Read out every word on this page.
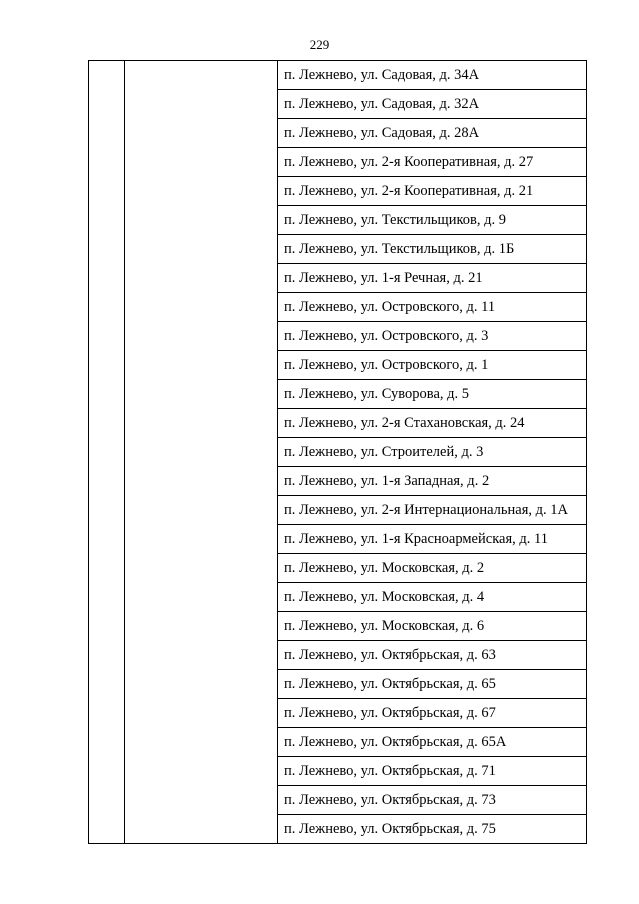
229
		п. Лежнево, ул. Садовая, д. 34А
п. Лежнево, ул. Садовая, д. 32А
п. Лежнево, ул. Садовая, д. 28А
п. Лежнево, ул. 2-я Кооперативная, д. 27
п. Лежнево, ул. 2-я Кооперативная, д. 21
п. Лежнево, ул. Текстильщиков, д. 9
п. Лежнево, ул. Текстильщиков, д. 1Б
п. Лежнево, ул. 1-я Речная, д. 21
п. Лежнево, ул. Островского, д. 11
п. Лежнево, ул. Островского, д. 3
п. Лежнево, ул. Островского, д. 1
п. Лежнево, ул. Суворова, д. 5
п. Лежнево, ул. 2-я Стахановская, д. 24
п. Лежнево, ул. Строителей, д. 3
п. Лежнево, ул. 1-я Западная, д. 2
п. Лежнево, ул. 2-я Интернациональная, д. 1А
п. Лежнево, ул. 1-я Красноармейская, д. 11
п. Лежнево, ул. Московская, д. 2
п. Лежнево, ул. Московская, д. 4
п. Лежнево, ул. Московская, д. 6
п. Лежнево, ул. Октябрьская, д. 63
п. Лежнево, ул. Октябрьская, д. 65
п. Лежнево, ул. Октябрьская, д. 67
п. Лежнево, ул. Октябрьская, д. 65А
п. Лежнево, ул. Октябрьская, д. 71
п. Лежнево, ул. Октябрьская, д. 73
п. Лежнево, ул. Октябрьская, д. 75
